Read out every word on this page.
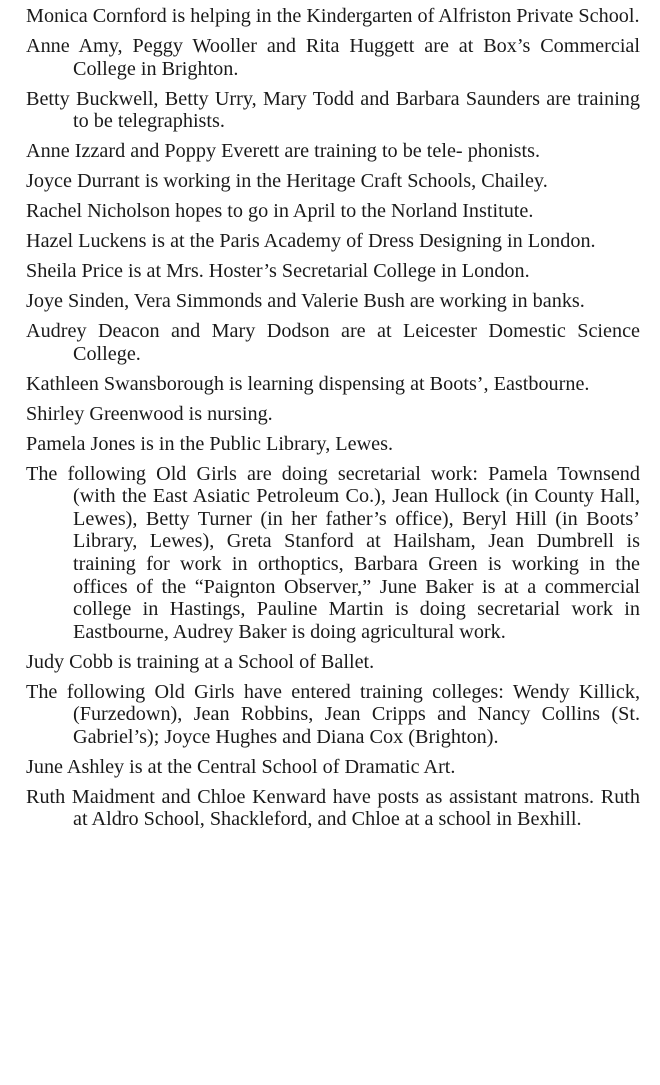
Monica Cornford is helping in the Kindergarten of Alfriston Private School.

Anne Amy, Peggy Wooller and Rita Huggett are at Box’s Commercial College in Brighton.

Betty Buckwell, Betty Urry, Mary Todd and Barbara Saunders are training to be telegraphists.

Anne Izzard and Poppy Everett are training to be tele- phonists.

Joyce Durrant is working in the Heritage Craft Schools, Chailey.

Rachel Nicholson hopes to go in April to the Norland Institute.

Hazel Luckens is at the Paris Academy of Dress Designing in London.

Sheila Price is at Mrs. Hoster’s Secretarial College in London.

Joye Sinden, Vera Simmonds and Valerie Bush are working in banks.

Audrey Deacon and Mary Dodson are at Leicester Domestic Science College.

Kathleen Swansborough is learning dispensing at Boots’, Eastbourne.

Shirley Greenwood is nursing.

Pamela Jones is in the Public Library, Lewes.

The following Old Girls are doing secretarial work: Pamela Townsend (with the East Asiatic Petroleum Co.), Jean Hullock (in County Hall, Lewes), Betty Turner (in her father’s office), Beryl Hill (in Boots’ Library, Lewes), Greta Stanford at Hailsham, Jean Dumbrell is training for work in orthoptics, Barbara Green is working in the offices of the “Paignton Observer,” June Baker is at a commercial college in Hastings, Pauline Martin is doing secretarial work in Eastbourne, Audrey Baker is doing agricultural work.

Judy Cobb is training at a School of Ballet.

The following Old Girls have entered training colleges: Wendy Killick, (Furzedown), Jean Robbins, Jean Cripps and Nancy Collins (St. Gabriel’s); Joyce Hughes and Diana Cox (Brighton).

June Ashley is at the Central School of Dramatic Art.

Ruth Maidment and Chloe Kenward have posts as assistant matrons. Ruth at Aldro School, Shackleford, and Chloe at a school in Bexhill.
